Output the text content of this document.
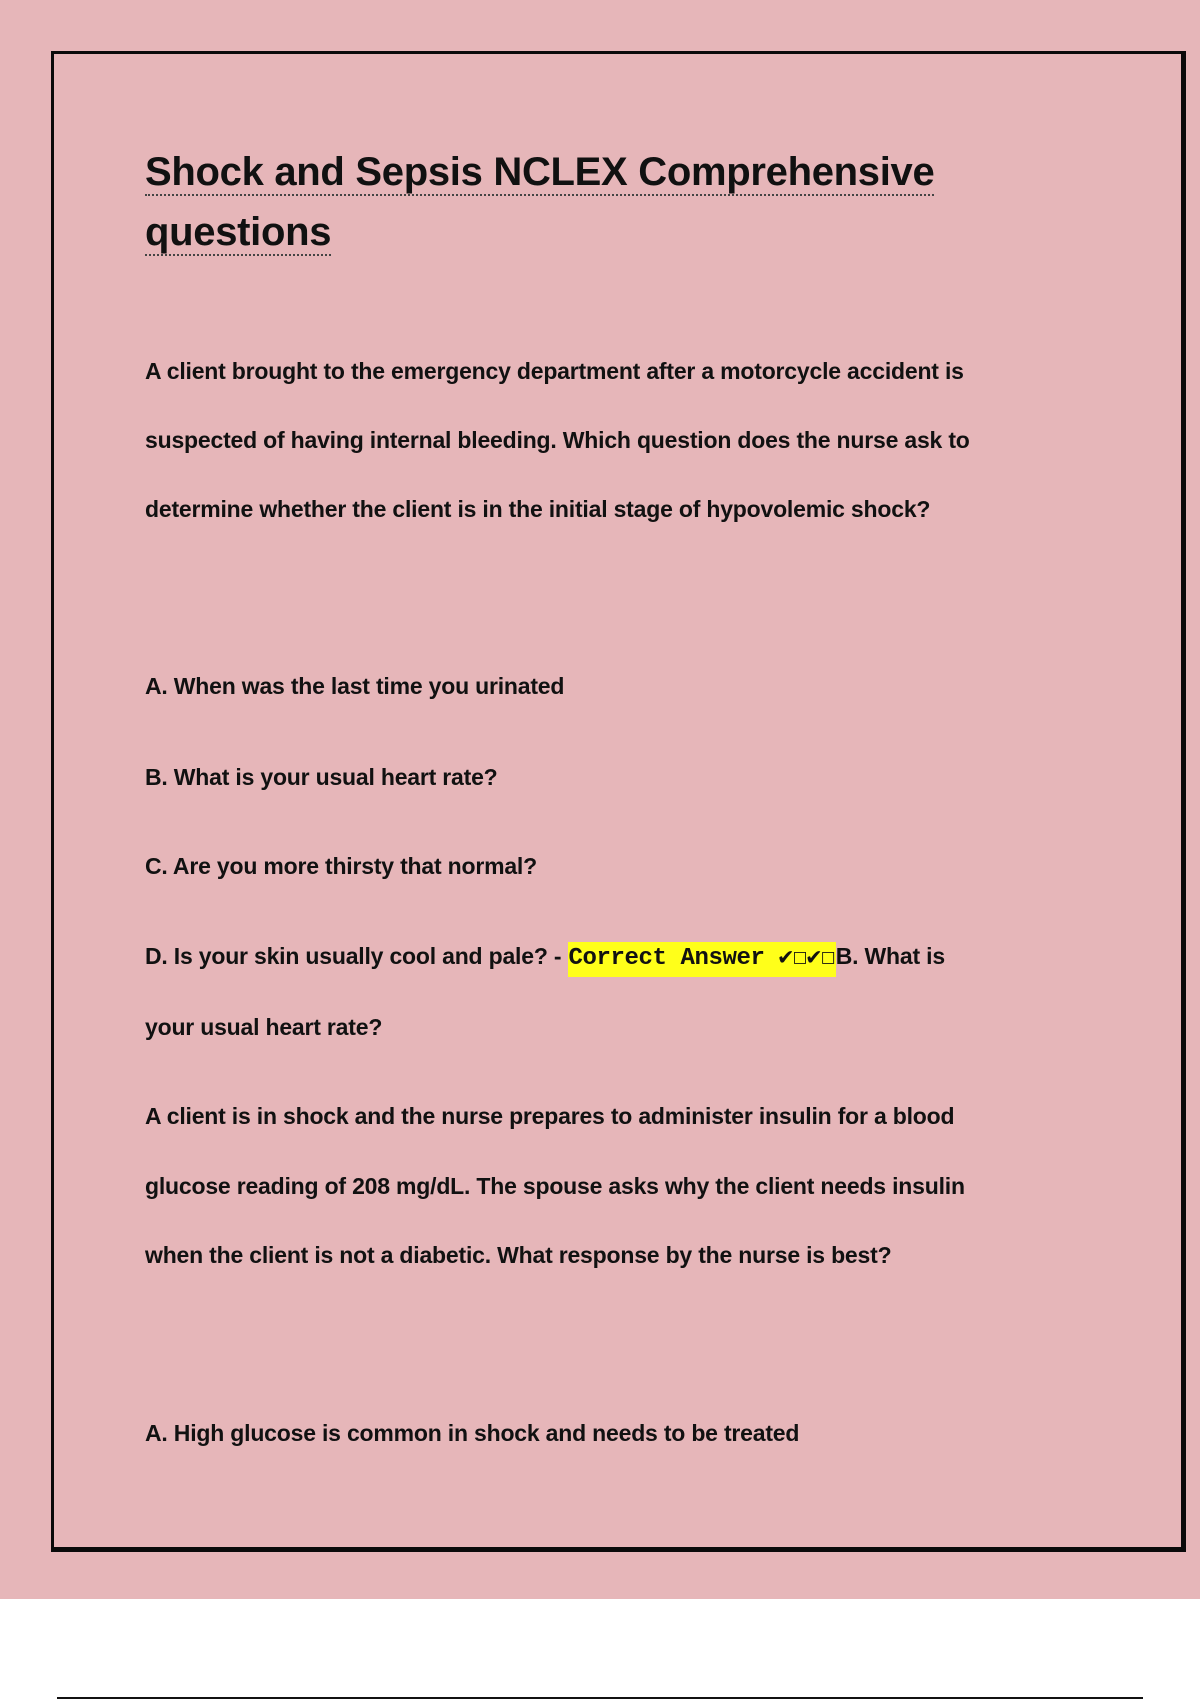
Shock and Sepsis NCLEX Comprehensive
questions
A client brought to the emergency department after a motorcycle accident is
suspected of having internal bleeding. Which question does the nurse ask to
determine whether the client is in the initial stage of hypovolemic shock?
A. When was the last time you urinated
B. What is your usual heart rate?
C. Are you more thirsty that normal?
D. Is your skin usually cool and pale? - Correct Answer ✔☐✔☐B. What is
your usual heart rate?
A client is in shock and the nurse prepares to administer insulin for a blood
glucose reading of 208 mg/dL. The spouse asks why the client needs insulin
when the client is not a diabetic. What response by the nurse is best?
A. High glucose is common in shock and needs to be treated
